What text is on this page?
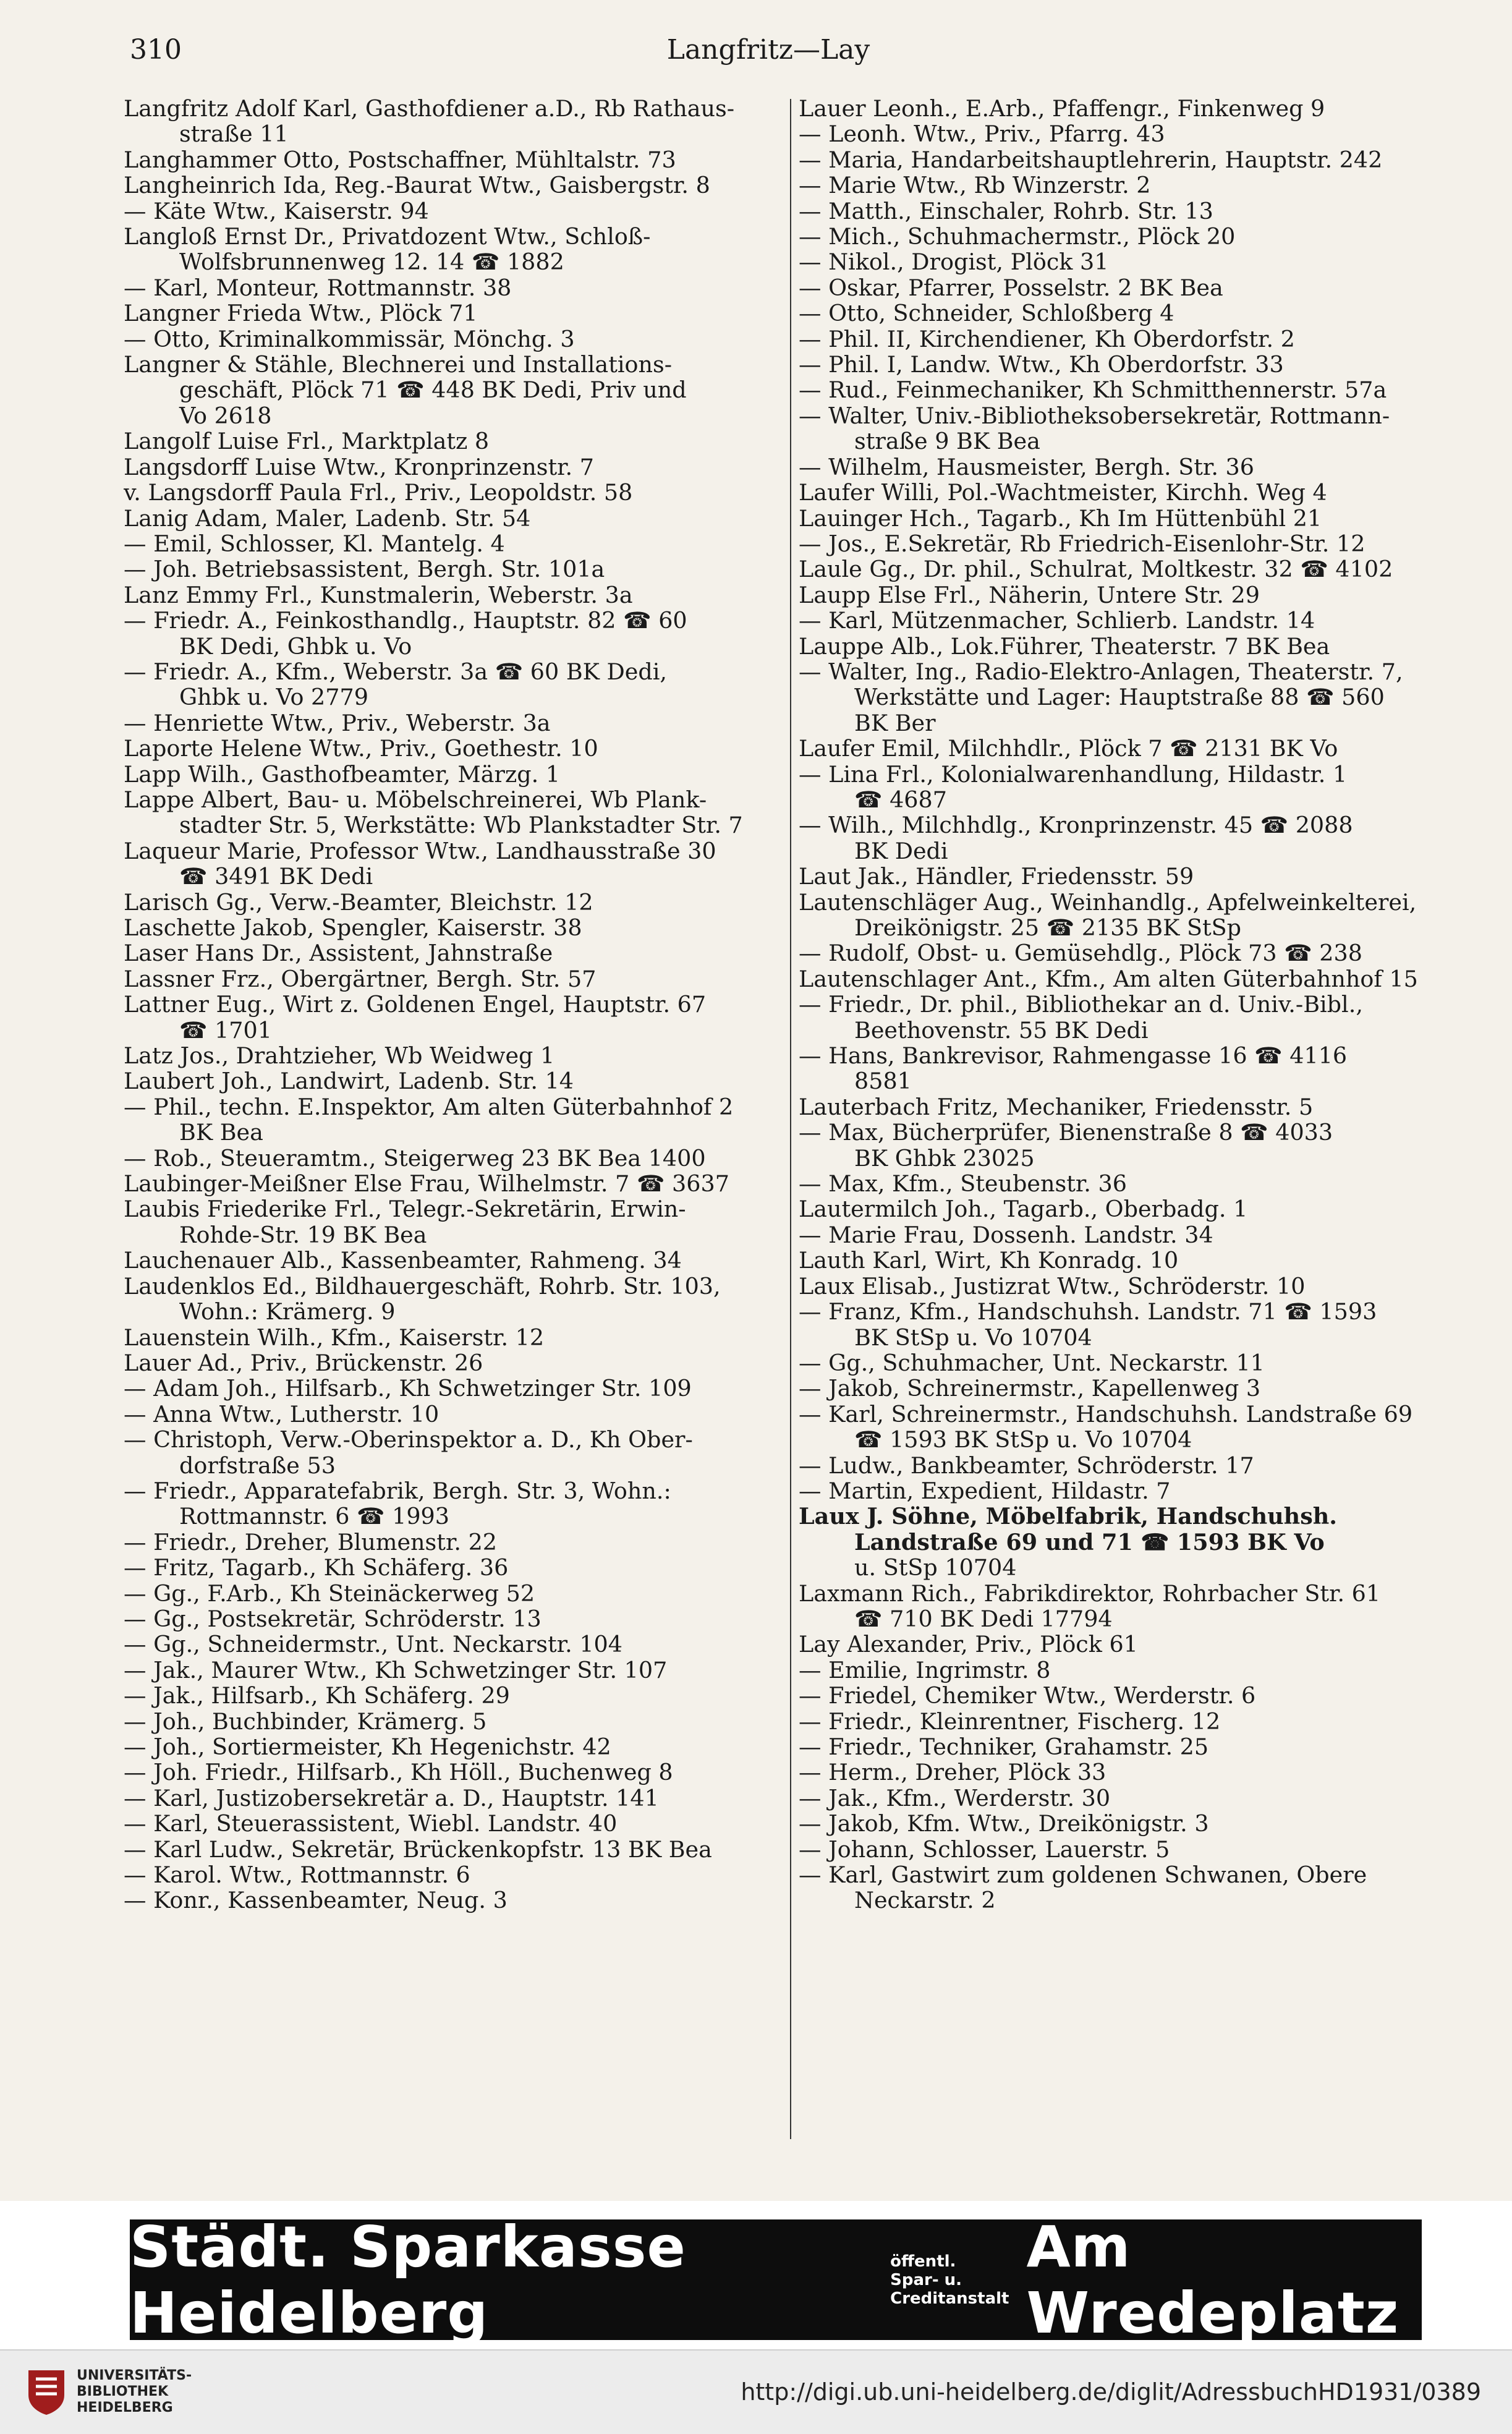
310	Langfritz—Lay
Langfritz Adolf Karl, Gasthofdiener a.D., Rb Rathaus-
straße 11
Langhammer Otto, Postschaffner, Mühltalstr. 73
Langheinrich Ida, Reg.-Baurat Wtw., Gaisbergstr. 8
— Käte Wtw., Kaiserstr. 94
Langloß Ernst Dr., Privatdozent Wtw., Schloß-
Wolfsbrunnenweg 12. 14 ☎ 1882
— Karl, Monteur, Rottmannstr. 38
Langner Frieda Wtw., Plöck 71
— Otto, Kriminalkommissär, Mönchg. 3
Langner & Stähle, Blechnerei und Installations-
geschäft, Plöck 71 ☎ 448 BK Dedi, Priv und
Vo 2618
Langolf Luise Frl., Marktplatz 8
Langsdorff Luise Wtw., Kronprinzenstr. 7
v. Langsdorff Paula Frl., Priv., Leopoldstr. 58
Lanig Adam, Maler, Ladenb. Str. 54
— Emil, Schlosser, Kl. Mantelg. 4
— Joh. Betriebsassistent, Bergh. Str. 101a
Lanz Emmy Frl., Kunstmalerin, Weberstr. 3a
— Friedr. A., Feinkosthandlg., Hauptstr. 82 ☎ 60
BK Dedi, Ghbk u. Vo
— Friedr. A., Kfm., Weberstr. 3a ☎ 60 BK Dedi,
Ghbk u. Vo 2779
— Henriette Wtw., Priv., Weberstr. 3a
Laporte Helene Wtw., Priv., Goethestr. 10
Lapp Wilh., Gasthofbeamter, Märzg. 1
Lappe Albert, Bau- u. Möbelschreinerei, Wb Plank-
stadter Str. 5, Werkstätte: Wb Plankstadter Str. 7
Laqueur Marie, Professor Wtw., Landhausstraße 30
☎ 3491 BK Dedi
Larisch Gg., Verw.-Beamter, Bleichstr. 12
Laschette Jakob, Spengler, Kaiserstr. 38
Laser Hans Dr., Assistent, Jahnstraße
Lassner Frz., Obergärtner, Bergh. Str. 57
Lattner Eug., Wirt z. Goldenen Engel, Hauptstr. 67
☎ 1701
Latz Jos., Drahtzieher, Wb Weidweg 1
Laubert Joh., Landwirt, Ladenb. Str. 14
— Phil., techn. E.Inspektor, Am alten Güterbahnhof 2
BK Bea
— Rob., Steueramtm., Steigerweg 23 BK Bea 1400
Laubinger-Meißner Else Frau, Wilhelmstr. 7 ☎ 3637
Laubis Friederike Frl., Telegr.-Sekretärin, Erwin-
Rohde-Str. 19 BK Bea
Lauchenauer Alb., Kassenbeamter, Rahmeng. 34
Laudenklos Ed., Bildhauergeschäft, Rohrb. Str. 103,
Wohn.: Krämerg. 9
Lauenstein Wilh., Kfm., Kaiserstr. 12
Lauer Ad., Priv., Brückenstr. 26
— Adam Joh., Hilfsarb., Kh Schwetzinger Str. 109
— Anna Wtw., Lutherstr. 10
— Christoph, Verw.-Oberinspektor a. D., Kh Ober-
dorfstraße 53
— Friedr., Apparatefabrik, Bergh. Str. 3, Wohn.:
Rottmannstr. 6 ☎ 1993
— Friedr., Dreher, Blumenstr. 22
— Fritz, Tagarb., Kh Schäferg. 36
— Gg., F.Arb., Kh Steinäckerweg 52
— Gg., Postsekretär, Schröderstr. 13
— Gg., Schneidermstr., Unt. Neckarstr. 104
— Jak., Maurer Wtw., Kh Schwetzinger Str. 107
— Jak., Hilfsarb., Kh Schäferg. 29
— Joh., Buchbinder, Krämerg. 5
— Joh., Sortiermeister, Kh Hegenichstr. 42
— Joh. Friedr., Hilfsarb., Kh Höll., Buchenweg 8
— Karl, Justizobersekretär a. D., Hauptstr. 141
— Karl, Steuerassistent, Wiebl. Landstr. 40
— Karl Ludw., Sekretär, Brückenkopfstr. 13 BK Bea
— Karol. Wtw., Rottmannstr. 6
— Konr., Kassenbeamter, Neug. 3
Lauer Leonh., E.Arb., Pfaffengr., Finkenweg 9
— Leonh. Wtw., Priv., Pfarrg. 43
— Maria, Handarbeitshauptlehrerin, Hauptstr. 242
— Marie Wtw., Rb Winzerstr. 2
— Matth., Einschaler, Rohrb. Str. 13
— Mich., Schuhmachermstr., Plöck 20
— Nikol., Drogist, Plöck 31
— Oskar, Pfarrer, Posselstr. 2 BK Bea
— Otto, Schneider, Schloßberg 4
— Phil. II, Kirchendiener, Kh Oberdorfstr. 2
— Phil. I, Landw. Wtw., Kh Oberdorfstr. 33
— Rud., Feinmechaniker, Kh Schmitthennerstr. 57a
— Walter, Univ.-Bibliotheksobersekretär, Rottmann-
straße 9 BK Bea
— Wilhelm, Hausmeister, Bergh. Str. 36
Laufer Willi, Pol.-Wachtmeister, Kirchh. Weg 4
Lauinger Hch., Tagarb., Kh Im Hüttenbühl 21
— Jos., E.Sekretär, Rb Friedrich-Eisenlohr-Str. 12
Laule Gg., Dr. phil., Schulrat, Moltkestr. 32 ☎ 4102
Laupp Else Frl., Näherin, Untere Str. 29
— Karl, Mützenmacher, Schlierb. Landstr. 14
Lauppe Alb., Lok.Führer, Theaterstr. 7 BK Bea
— Walter, Ing., Radio-Elektro-Anlagen, Theaterstr. 7,
Werkstätte und Lager: Hauptstraße 88 ☎ 560
BK Ber
Laufer Emil, Milchhdlr., Plöck 7 ☎ 2131 BK Vo
— Lina Frl., Kolonialwarenhandlung, Hildastr. 1
☎ 4687
— Wilh., Milchhdlg., Kronprinzenstr. 45 ☎ 2088
BK Dedi
Laut Jak., Händler, Friedensstr. 59
Lautenschläger Aug., Weinhandlg., Apfelweinkelterei,
Dreikönigstr. 25 ☎ 2135 BK StSp
— Rudolf, Obst- u. Gemüsehdlg., Plöck 73 ☎ 238
Lautenschlager Ant., Kfm., Am alten Güterbahnhof 15
— Friedr., Dr. phil., Bibliothekar an d. Univ.-Bibl.,
Beethovenstr. 55 BK Dedi
— Hans, Bankrevisor, Rahmengasse 16 ☎ 4116
8581
Lauterbach Fritz, Mechaniker, Friedensstr. 5
— Max, Bücherprüfer, Bienenstraße 8 ☎ 4033
BK Ghbk 23025
— Max, Kfm., Steubenstr. 36
Lautermilch Joh., Tagarb., Oberbadg. 1
— Marie Frau, Dossenh. Landstr. 34
Lauth Karl, Wirt, Kh Konradg. 10
Laux Elisab., Justizrat Wtw., Schröderstr. 10
— Franz, Kfm., Handschuhsh. Landstr. 71 ☎ 1593
BK StSp u. Vo 10704
— Gg., Schuhmacher, Unt. Neckarstr. 11
— Jakob, Schreinermstr., Kapellenweg 3
— Karl, Schreinermstr., Handschuhsh. Landstraße 69
☎ 1593 BK StSp u. Vo 10704
— Ludw., Bankbeamter, Schröderstr. 17
— Martin, Expedient, Hildastr. 7
Laux J. Söhne, Möbelfabrik, Handschuhsh.
Landstraße 69 und 71 ☎ 1593 BK Vo
u. StSp 10704
Laxmann Rich., Fabrikdirektor, Rohrbacher Str. 61
☎ 710 BK Dedi 17794
Lay Alexander, Priv., Plöck 61
— Emilie, Ingrimstr. 8
— Friedel, Chemiker Wtw., Werderstr. 6
— Friedr., Kleinrentner, Fischerg. 12
— Friedr., Techniker, Grahamstr. 25
— Herm., Dreher, Plöck 33
— Jak., Kfm., Werderstr. 30
— Jakob, Kfm. Wtw., Dreikönigstr. 3
— Johann, Schlosser, Lauerstr. 5
— Karl, Gastwirt zum goldenen Schwanen, Obere
Neckarstr. 2
Städt. Sparkasse Heidelberg
öffentl. Spar- u.
Creditanstalt
Am Wredeplatz
UNIVERSITÄTS-
BIBLIOTHEK
HEIDELBERG
http://digi.ub.uni-heidelberg.de/diglit/AdressbuchHD1931/0389
